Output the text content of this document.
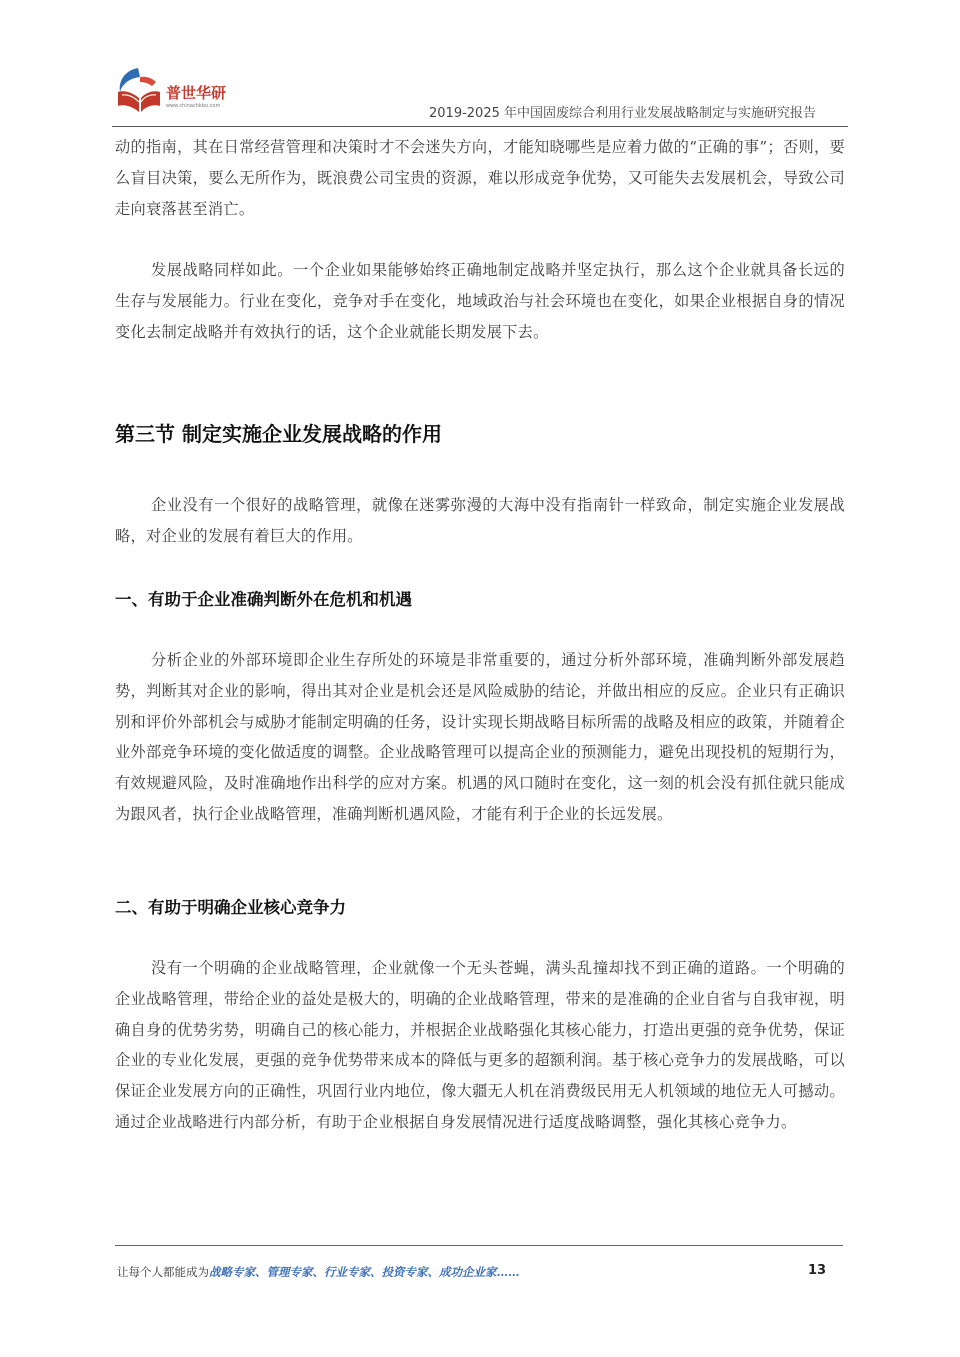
普世华研
www.chinachkbu.com	2019-2025 年中国固废综合利用行业发展战略制定与实施研究报告
动的指南，其在日常经营管理和决策时才不会迷失方向，才能知晓哪些是应着力做的“正确的事”；否则，要么盲目决策，要么无所作为，既浪费公司宝贵的资源，难以形成竞争优势，又可能失去发展机会，导致公司走向衰落甚至消亡。
发展战略同样如此。一个企业如果能够始终正确地制定战略并坚定执行，那么这个企业就具备长远的生存与发展能力。行业在变化，竞争对手在变化，地域政治与社会环境也在变化，如果企业根据自身的情况变化去制定战略并有效执行的话，这个企业就能长期发展下去。
第三节 制定实施企业发展战略的作用
企业没有一个很好的战略管理，就像在迷雾弥漫的大海中没有指南针一样致命，制定实施企业发展战略，对企业的发展有着巨大的作用。
一、有助于企业准确判断外在危机和机遇
分析企业的外部环境即企业生存所处的环境是非常重要的，通过分析外部环境，准确判断外部发展趋势，判断其对企业的影响，得出其对企业是机会还是风险威胁的结论，并做出相应的反应。企业只有正确识别和评价外部机会与威胁才能制定明确的任务，设计实现长期战略目标所需的战略及相应的政策，并随着企业外部竞争环境的变化做适度的调整。企业战略管理可以提高企业的预测能力，避免出现投机的短期行为，有效规避风险，及时准确地作出科学的应对方案。机遇的风口随时在变化，这一刻的机会没有抓住就只能成为跟风者，执行企业战略管理，准确判断机遇风险，才能有利于企业的长远发展。
二、有助于明确企业核心竞争力
没有一个明确的企业战略管理，企业就像一个无头苍蝇，满头乱撞却找不到正确的道路。一个明确的企业战略管理，带给企业的益处是极大的，明确的企业战略管理，带来的是准确的企业自省与自我审视，明确自身的优势劣势，明确自己的核心能力，并根据企业战略强化其核心能力，打造出更强的竞争优势，保证企业的专业化发展，更强的竞争优势带来成本的降低与更多的超额利润。基于核心竞争力的发展战略，可以保证企业发展方向的正确性，巩固行业内地位，像大疆无人机在消费级民用无人机领域的地位无人可撼动。通过企业战略进行内部分析，有助于企业根据自身发展情况进行适度战略调整，强化其核心竞争力。
让每个人都能成为战略专家、管理专家、行业专家、投资专家、成功企业家……	13
